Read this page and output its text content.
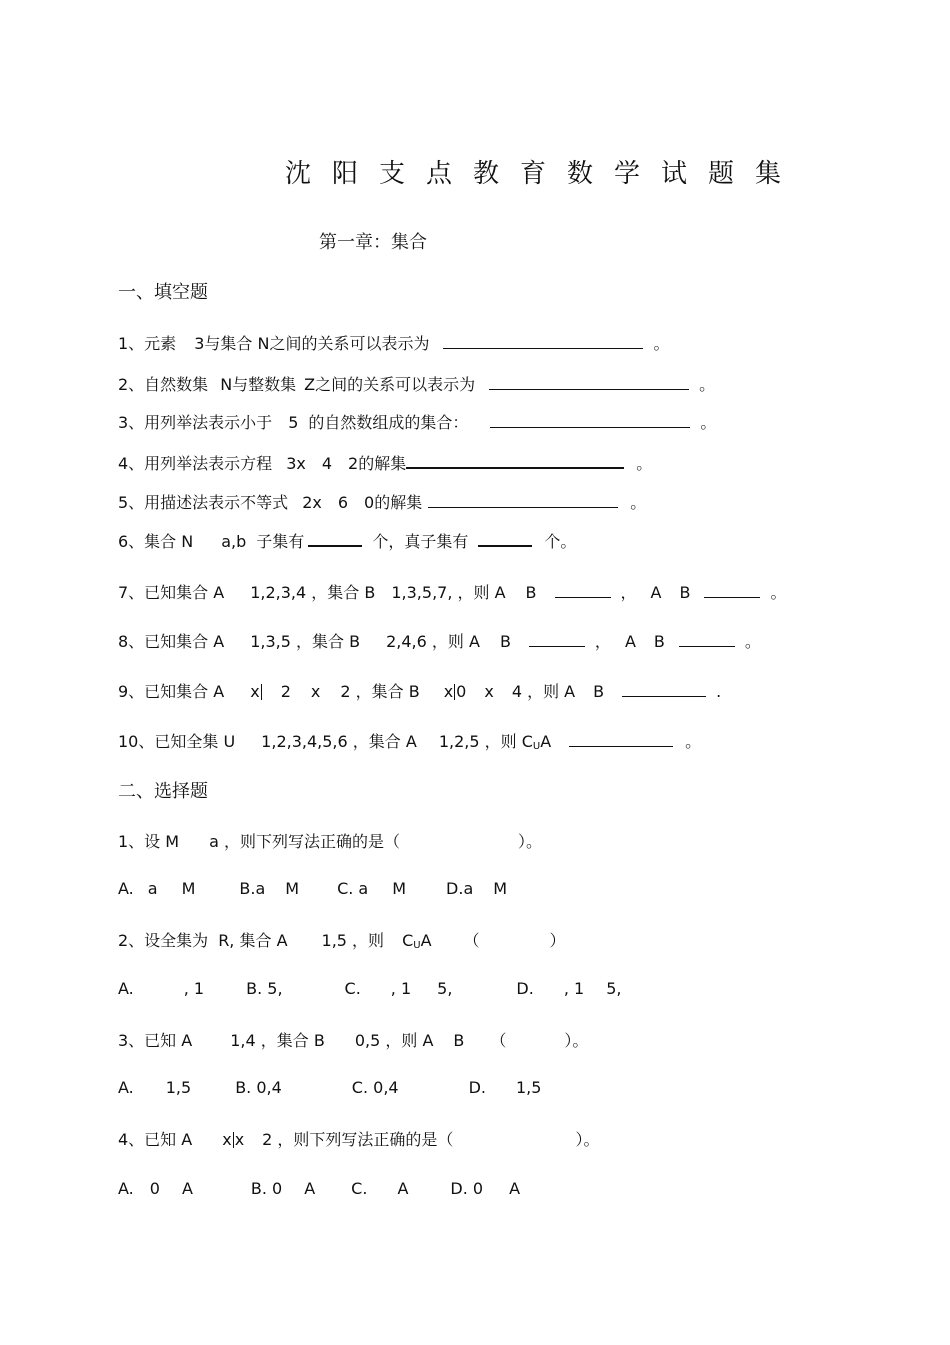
沈阳支点教育数学试题集
第一章：集合
一、填空题
1、元素 3与集合 N之间的关系可以表示为	。
2、自然数集 N与整数集 Z之间的关系可以表示为	。
3、用列举法表示小于 5 的自然数组成的集合：	。
4、用列举法表示方程 3x 4 2的解集	。
5、用描述法表示不等式 2x 6 0的解集	。
6、集合 N a,b 子集有	个，真子集有	个。
7、已知集合 A 1,2,3,4 ，集合 B 1,3,5,7, ，则 A B	， A B	。
8、已知集合 A 1,3,5 ，集合 B 2,4,6 ，则 A B	， A B	。
9、已知集合 A x 2 x 2 ，集合 B x 0 x 4 ，则 A B	.
10、已知全集 U 1,2,3,4,5,6 ，集合 A 1,2,5 ，则 $C_UA$	。
二、选择题
1、设 M a ，则下列写法正确的是（	）。
A. a M	B.a M C. a M	D.a M
2、设全集为 R, 集合 A 1,5 ，则 $C_UA$ （	）
A.	, 1	B. 5,	C. , 1 5,	D. , 1 5,
3、已知 A 1,4 ，集合 B 0,5 ，则 A B （	）。
A. 1,5	B. 0,4	C. 0,4	D. 1,5
4、已知 A x x 2 ，则下列写法正确的是（	）。
A. 0 A	B. 0 A C. A	D. 0 A
